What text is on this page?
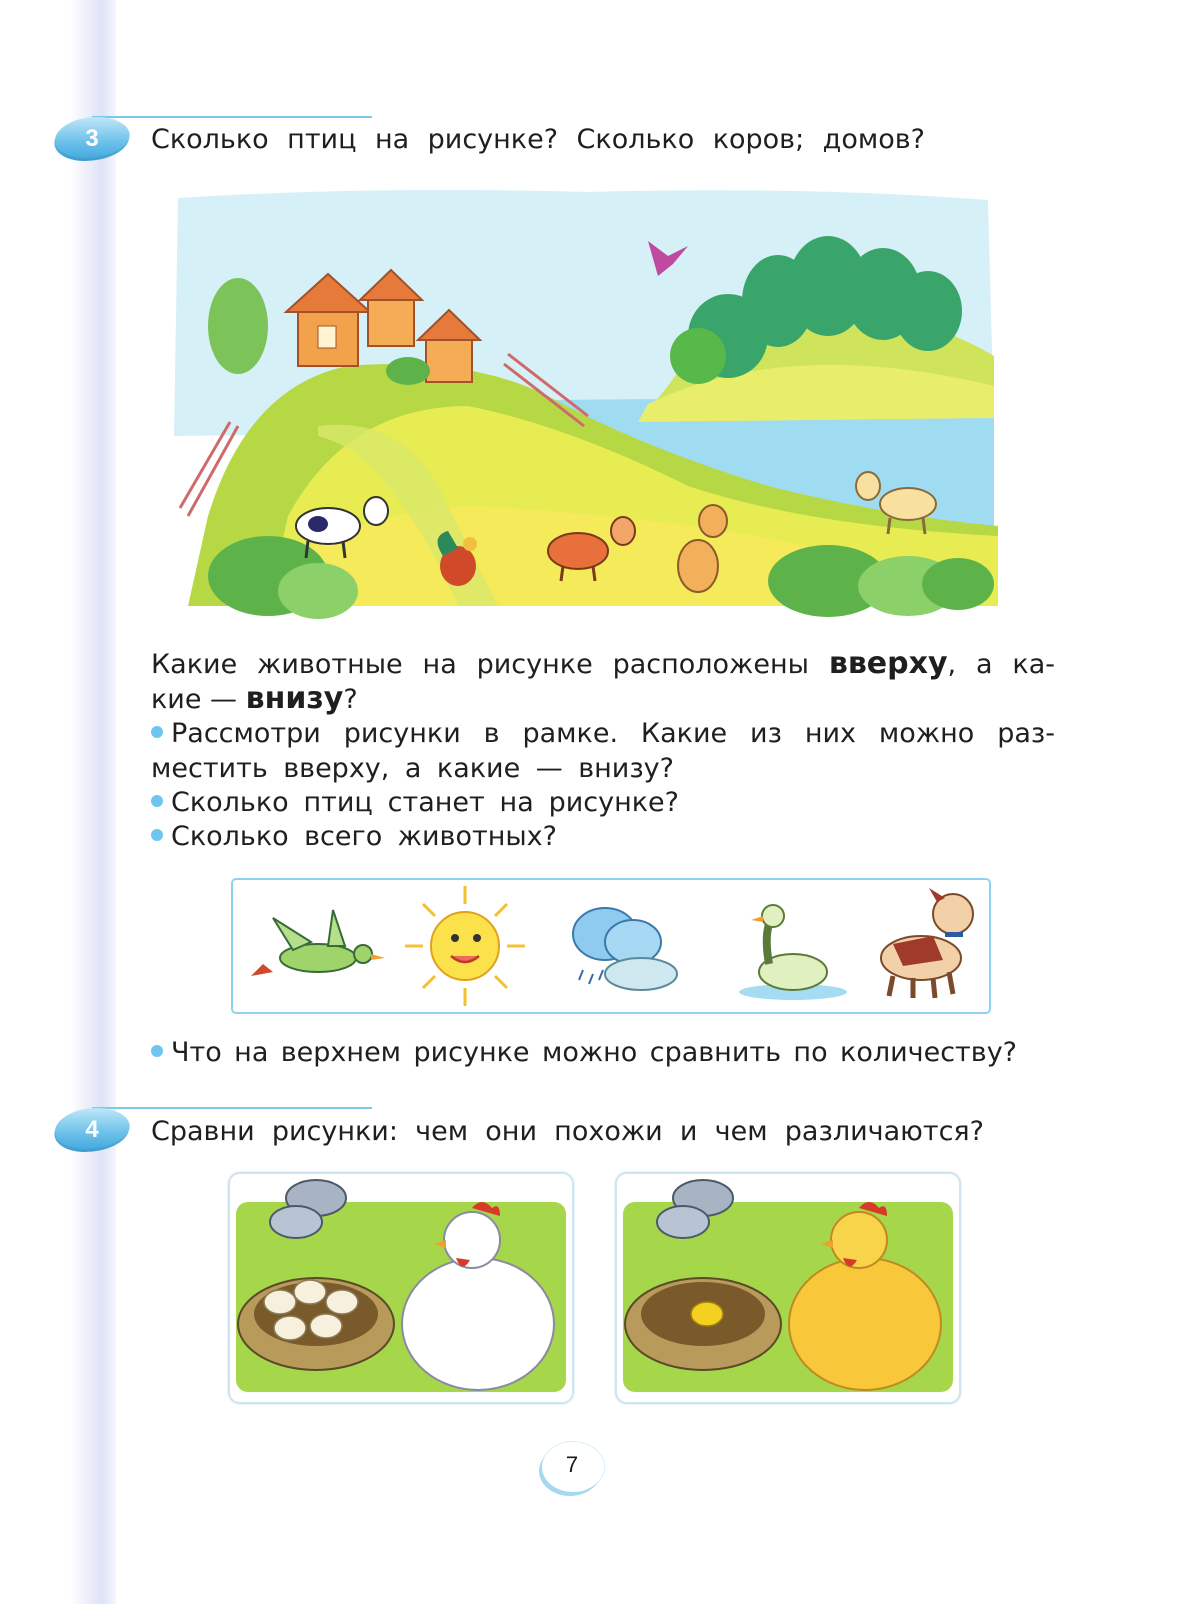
3	Сколько птиц на рисунке? Сколько коров; домов?
Какие животные на рисунке расположены вверху, а ка-
кие — внизу?
Рассмотри рисунки в рамке. Какие из них можно раз-
местить вверху, а какие — внизу?
Сколько птиц станет на рисунке?
Сколько всего животных?
Что на верхнем рисунке можно сравнить по количеству?
4	Сравни рисунки: чем они похожи и чем различаются?
7
